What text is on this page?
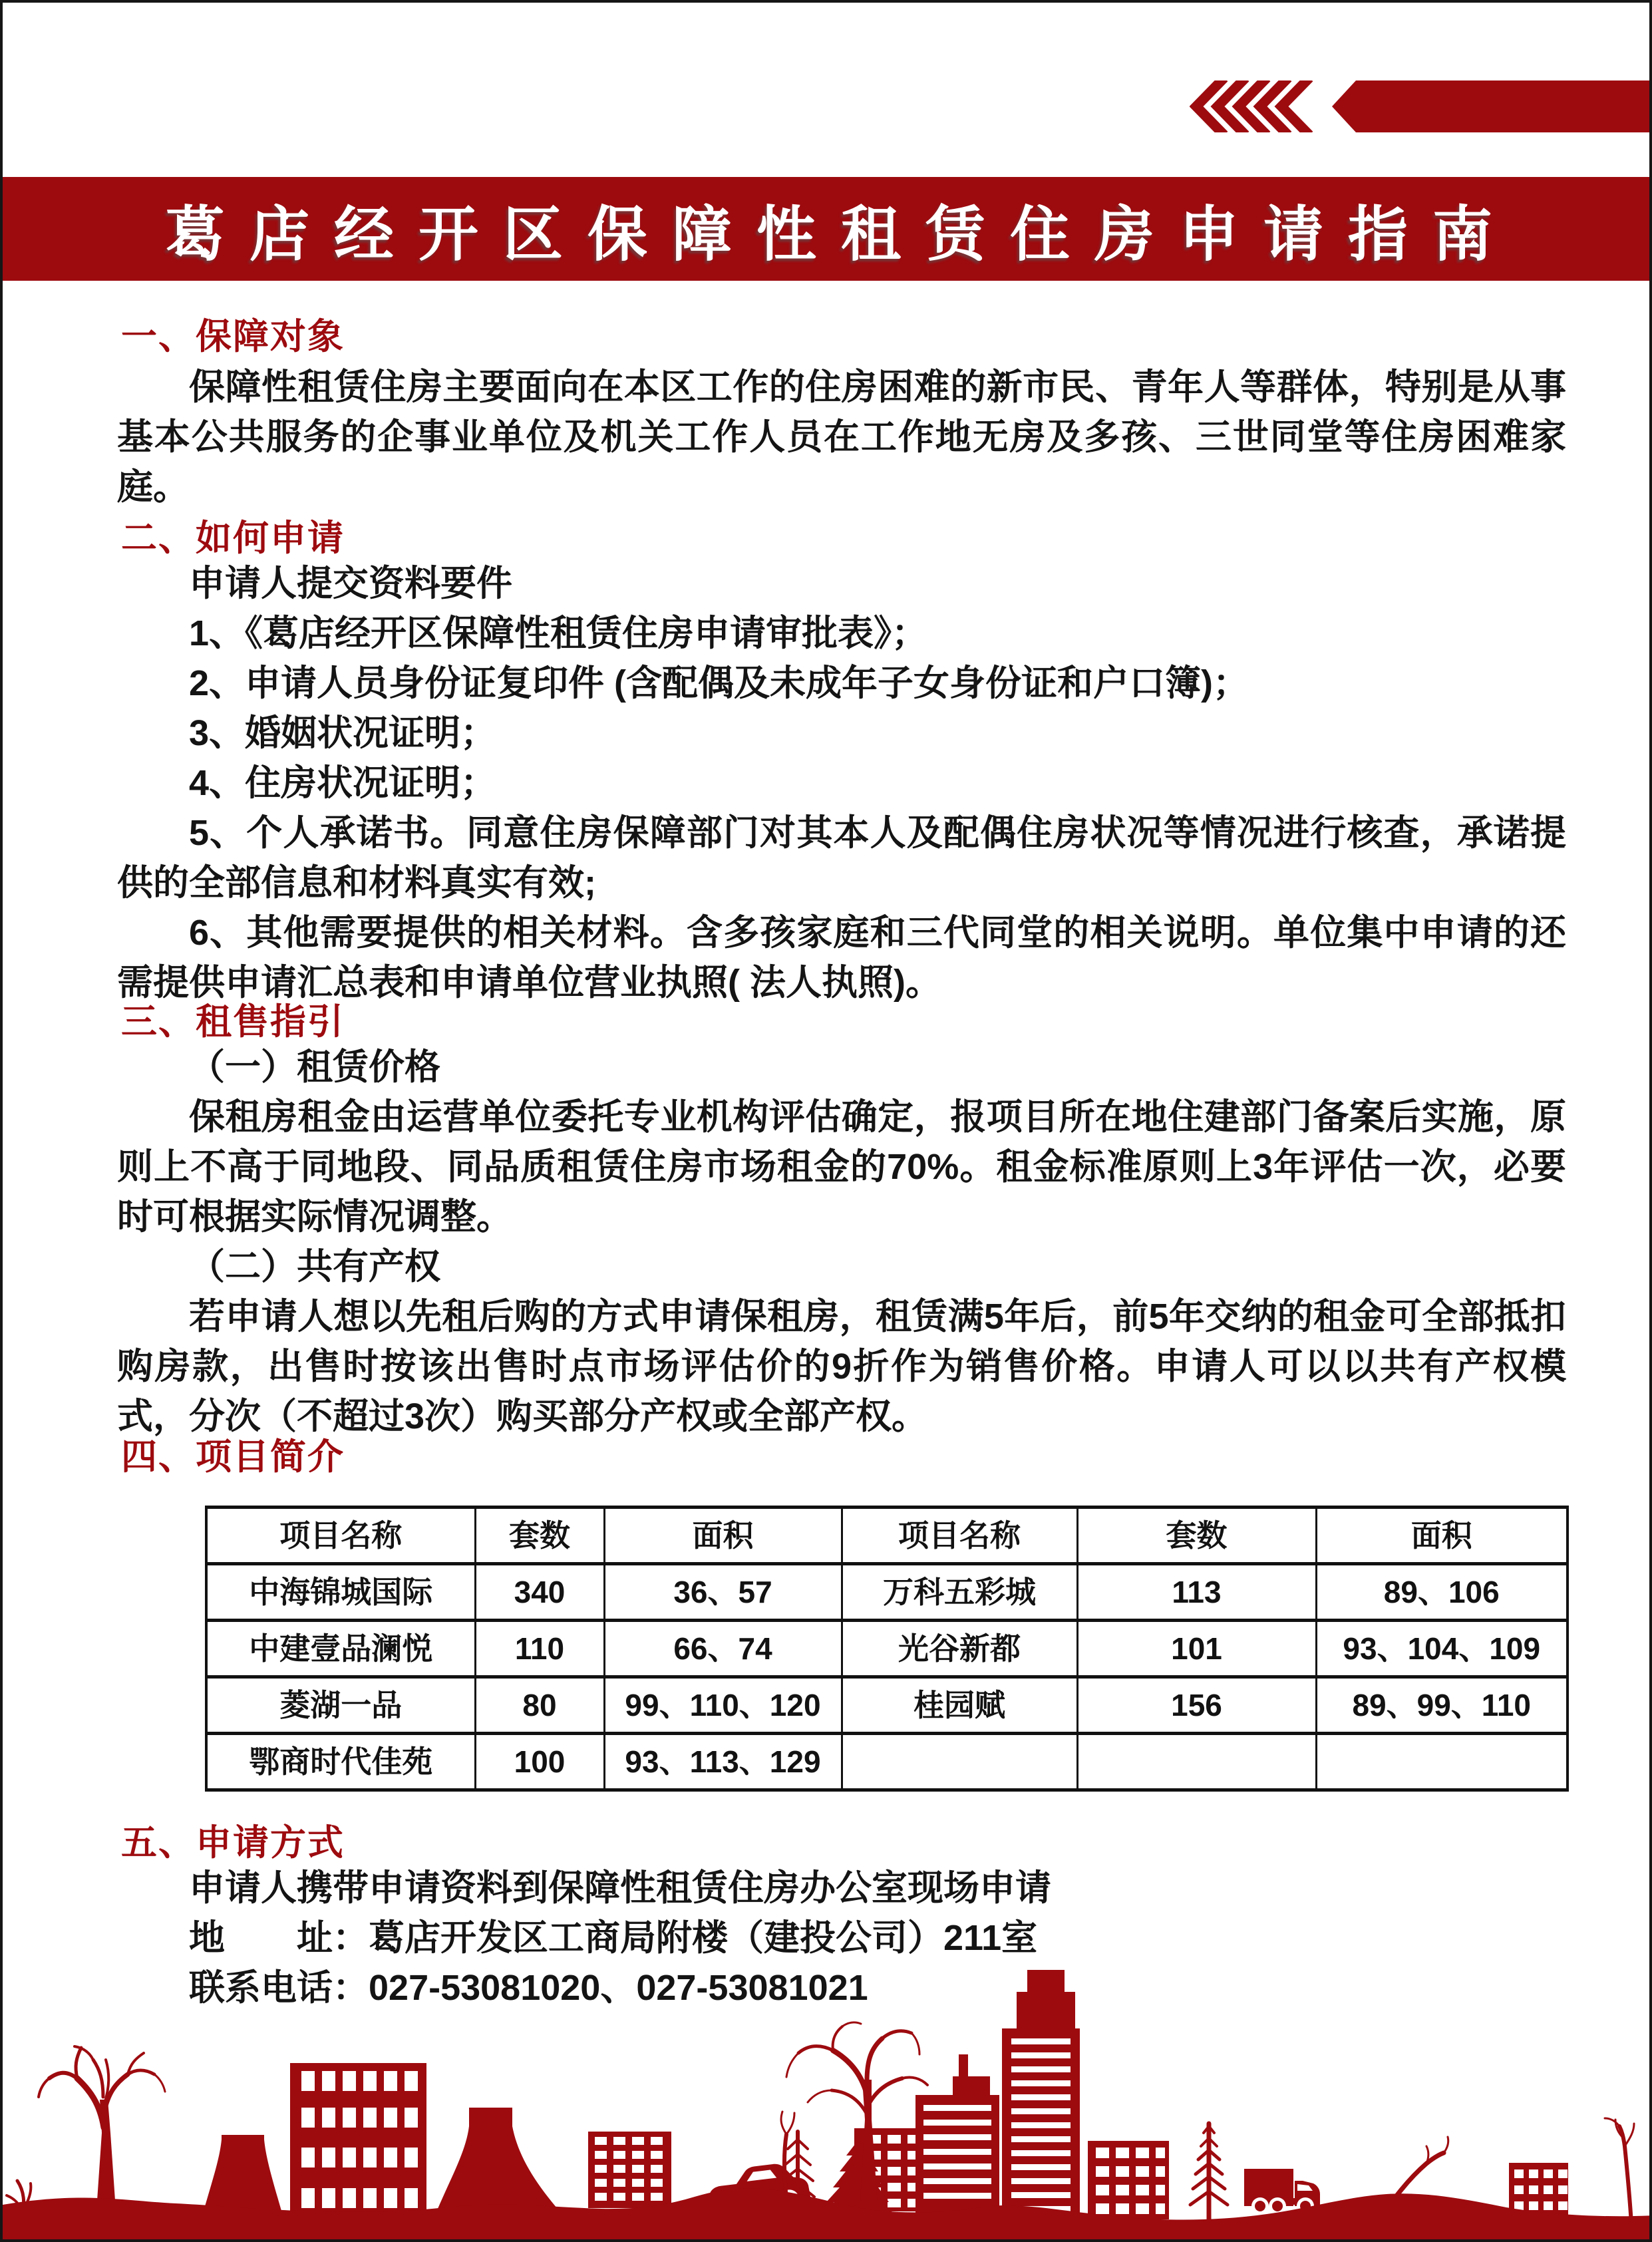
葛店经开区保障性租赁住房申请指南
一、保障对象

保障性租赁住房主要面向在本区工作的住房困难的新市民、青年人等群体，特别是从事基本公共服务的企事业单位及机关工作人员在工作地无房及多孩、三世同堂等住房困难家庭。

二、如何申请

申请人提交资料要件

1、《葛店经开区保障性租赁住房申请审批表》；

2、申请人员身份证复印件 (含配偶及未成年子女身份证和户口簿)；

3、婚姻状况证明；

4、住房状况证明；

5、个人承诺书。同意住房保障部门对其本人及配偶住房状况等情况进行核查，承诺提供的全部信息和材料真实有效;

6、其他需要提供的相关材料。含多孩家庭和三代同堂的相关说明。单位集中申请的还需提供申请汇总表和申请单位营业执照( 法人执照)。

三、租售指引

（一）租赁价格

保租房租金由运营单位委托专业机构评估确定，报项目所在地住建部门备案后实施，原则上不高于同地段、同品质租赁住房市场租金的70%。租金标准原则上3年评估一次，必要时可根据实际情况调整。

（二）共有产权

若申请人想以先租后购的方式申请保租房，租赁满5年后，前5年交纳的租金可全部抵扣购房款，出售时按该出售时点市场评估价的9折作为销售价格。申请人可以以共有产权模式，分次（不超过3次）购买部分产权或全部产权。

四、项目简介
项目名称	套数	面积	项目名称	套数	面积
中海锦城国际	340	36、57	万科五彩城	113	89、106
中建壹品澜悦	110	66、74	光谷新都	101	93、104、109
菱湖一品	80	99、110、120	桂园赋	156	89、99、110
鄂商时代佳苑	100	93、113、129			
五、申请方式

申请人携带申请资料到保障性租赁住房办公室现场申请

地　　址：葛店开发区工商局附楼（建投公司）211室

联系电话：027-53081020、027-53081021
